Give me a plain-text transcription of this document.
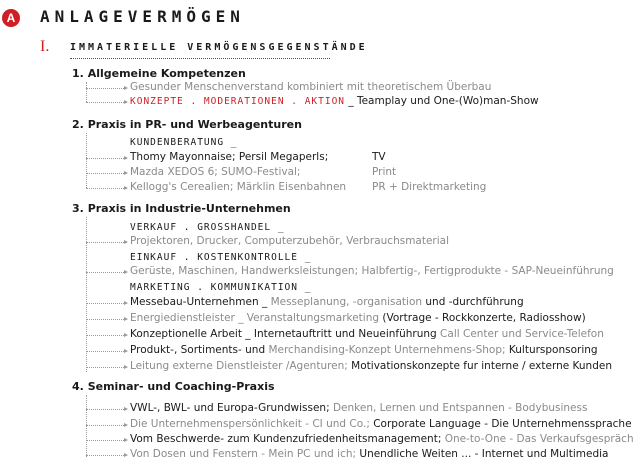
A ANLAGEVERMÖGEN
I. IMMATERIELLE VERMÖGENSGEGENSTÄNDE
1. Allgemeine Kompetenzen
Gesunder Menschenverstand kombiniert mit theoretischem Überbau
KONZEPTE . MODERATIONEN . AKTION _ Teamplay und One-(Wo)man-Show
2. Praxis in PR- und Werbeagenturen
KUNDENBERATUNG _
Thomy Mayonnaise; Persil Megaperls;	TV
Mazda XEDOS 6; SUMO-Festival;	Print
Kellogg's Cerealien; Märklin Eisenbahnen PR + Direktmarketing
3. Praxis in Industrie-Unternehmen
VERKAUF . GROSSHANDEL _
Projektoren, Drucker, Computerzubehör, Verbrauchsmaterial
EINKAUF . KOSTENKONTROLLE _
Gerüste, Maschinen, Handwerksleistungen; Halbfertig-, Fertigprodukte - SAP-Neueinführung
MARKETING . KOMMUNIKATION _
Messebau-Unternehmen _ Messeplanung, -organisation und -durchführung
Energiedienstleister _ Veranstaltungsmarketing (Vortrage - Rockkonzerte, Radiosshow)
Konzeptionelle Arbeit _ Internetauftritt und Neueinführung Call Center und Service-Telefon
Produkt-, Sortiments- und Merchandising-Konzept Unternehmens-Shop; Kultursponsoring
Leitung externe Dienstleister /Agenturen; Motivationskonzepte fur interne / externe Kunden
4. Seminar- und Coaching-Praxis
VWL-, BWL- und Europa-Grundwissen; Denken, Lernen und Entspannen - Bodybusiness
Die Unternehmenspersönlichkeit - CI und Co.; Corporate Language - Die Unternehmenssprache
Vom Beschwerde- zum Kundenzufriedenheitsmanagement; One-to-One - Das Verkaufsgespräch
Von Dosen und Fenstern - Mein PC und ich; Unendliche Weiten ... - Internet und Multimedia
